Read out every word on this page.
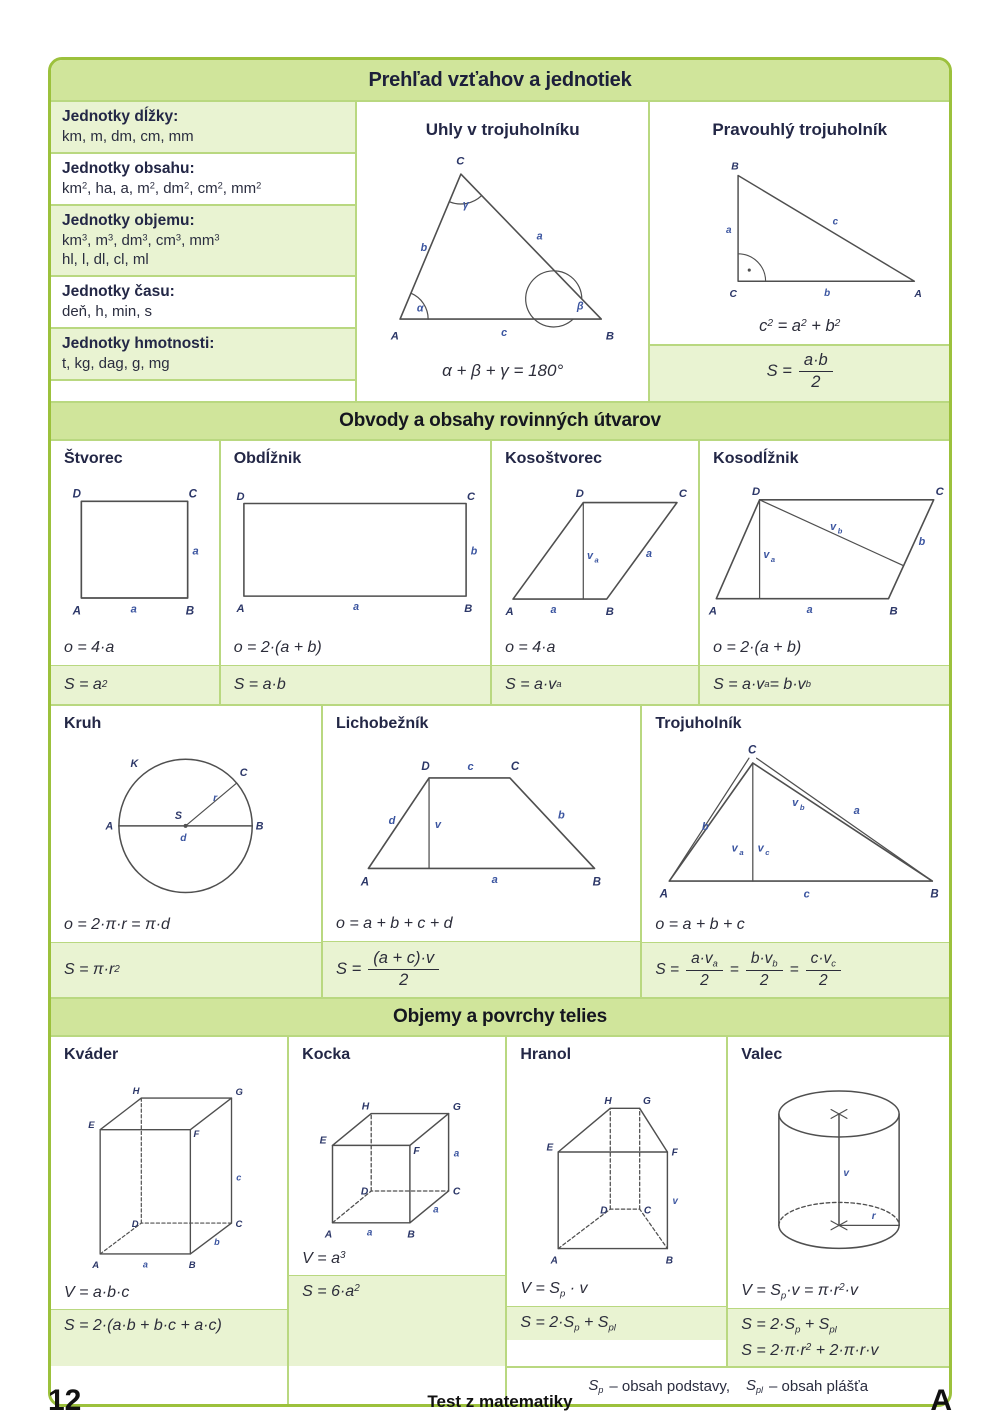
Prehľad vzťahov a jednotiek
Jednotky dĺžky:
km, m, dm, cm, mm
Jednotky obsahu:
$km^2$, ha, a, $m^2$, $dm^2$, $cm^2$, $mm^2$
Jednotky objemu:
$km^3$, $m^3$, $dm^3$, $cm^3$, $mm^3$
hl, l, dl, cl, ml
Jednotky času:
deň, h, min, s
Jednotky hmotnosti:
t, kg, dag, g, mg
Uhly v trojuholníku
A	B
C
a
b
c
α	β
γ
α + β + γ = 180°
Pravouhlý trojuholník
B
C	A
a
b
c
$c^2 = a^2 + b^2$
$S = \frac{a\cdot b}{2}$
Obvody a obsahy rovinných útvarov
Štvorec
D	C
A	B
a
a
o = 4·a
S = a 2
Obdĺžnik
D	C
A	B
b
a
o = 2·(a + b)
S = a·b
Kosoštvorec
A	B
C
D
v a
a
a
o = 4·a
S = a·v a
Kosodĺžnik
A	B
C
D
v a
v b
b
a
o = 2·(a + b)
S = a·v a = b·v b
Kruh
K
C
A	B
S
r
d
o = 2·π·r = π·d
S = π·r 2
Lichobežník
D	C
c
A	B
a
d	b
v
o = a + b + c + d
$S = \frac{(a + c)\cdot v}{2}$
Trojuholník
A	B
C
b
a
c
v a v c
v b
o = a + b + c
$S = \frac{a\cdot v_a}{2} = \frac{b\cdot v_b}{2} = \frac{c\cdot v_c}{2}$
Objemy a povrchy telies
Kváder
A	B
C
D
E
F
G
H
a
b
c
V = a·b·c
S = 2·(a·b + b·c + a·c)
Kocka
A	B
C
D
E
F
G
H
a
a
a
$V = a^3$
$S = 6\cdot a^2$
Hranol
A	B
C
D
E	F
G
H
v
$V = S_p \cdot v$
$S = 2\cdot S_p + S_{pl}$
Valec
v
r
$V = S_p\cdot v = \pi\cdot r^2\cdot v$
$S = 2\cdot S_p + S_{pl}$
$S = 2\cdot\pi\cdot r^2 + 2\cdot\pi\cdot r\cdot v$
$S_p$ – obsah podstavy, $S_{pl}$ – obsah plášťa
12	Test z matematiky	A
